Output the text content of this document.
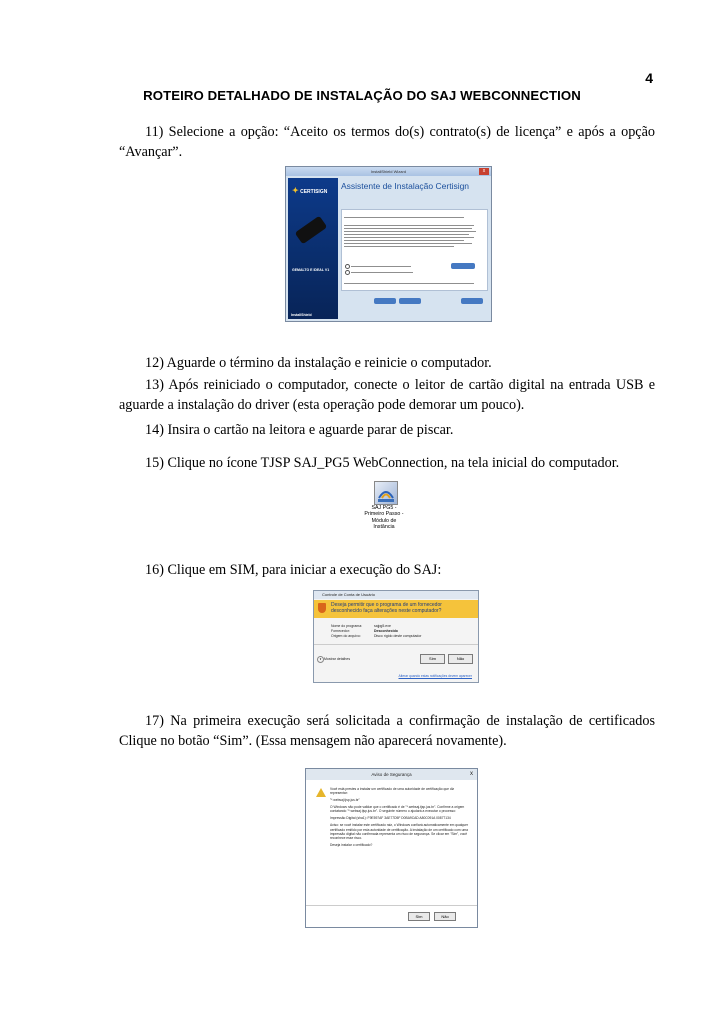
4
ROTEIRO DETALHADO DE INSTALAÇÃO DO SAJ WEBCONNECTION
11) Selecione a opção: “Aceito os termos do(s) contrato(s) de licença” e após a opção “Avançar”.
InstallShield Wizard	x
✦ CERTISIGN
GEMALTO E IDEAL V1
InstallShield
Assistente de Instalação Certisign
12) Aguarde o término da instalação e reinicie o computador.
13) Após reiniciado o computador, conecte o leitor de cartão digital na entrada USB e aguarde a instalação do driver (esta operação pode demorar um pouco).
14) Insira o cartão na leitora e aguarde parar de piscar.
15) Clique no ícone TJSP SAJ_PG5 WebConnection, na tela inicial do computador.
SAJ PG5 - Primeiro Passo - Módulo de Instância
16) Clique em SIM, para iniciar a execução do SAJ:
Controle de Conta de Usuário
Deseja permitir que o programa de um fornecedor desconhecido faça alterações neste computador?
Nome do programa:	sajpg5.exe
Fornecedor:	Desconhecido
Origem do arquivo:	Disco rígido deste computador
▾ Mostrar detalhes	Sim	Não
Alterar quando estas notificações devem aparecer
17) Na primeira execução será solicitada a confirmação de instalação de certificados Clique no botão “Sim”. (Essa mensagem não aparecerá novamente).
Aviso de Segurança	x

Você está prestes a instalar um certificado de uma autoridade de certificação que diz representar:

"*.websaj.tjsp.jus.br"

O Windows não pode validar que o certificado é de "*.websaj.tjsp.jus.br". Confirme a origem contatando "*.websaj.tjsp.jus.br". O seguinte número o ajudará a executar o processo:

Impressão Digital (sha1): F9E597AF 3AE77D5F D0BA9CAD A80C091A 00877134

Aviso: se você instalar este certificado raiz, o Windows confiará automaticamente em qualquer certificado emitido por esta autoridade de certificação. A instalação de um certificado com uma impressão digital não confirmada representa um risco de segurança. Se clicar em "Sim", você reconhece esse risco.

Deseja instalar o certificado?

Sim	Não
